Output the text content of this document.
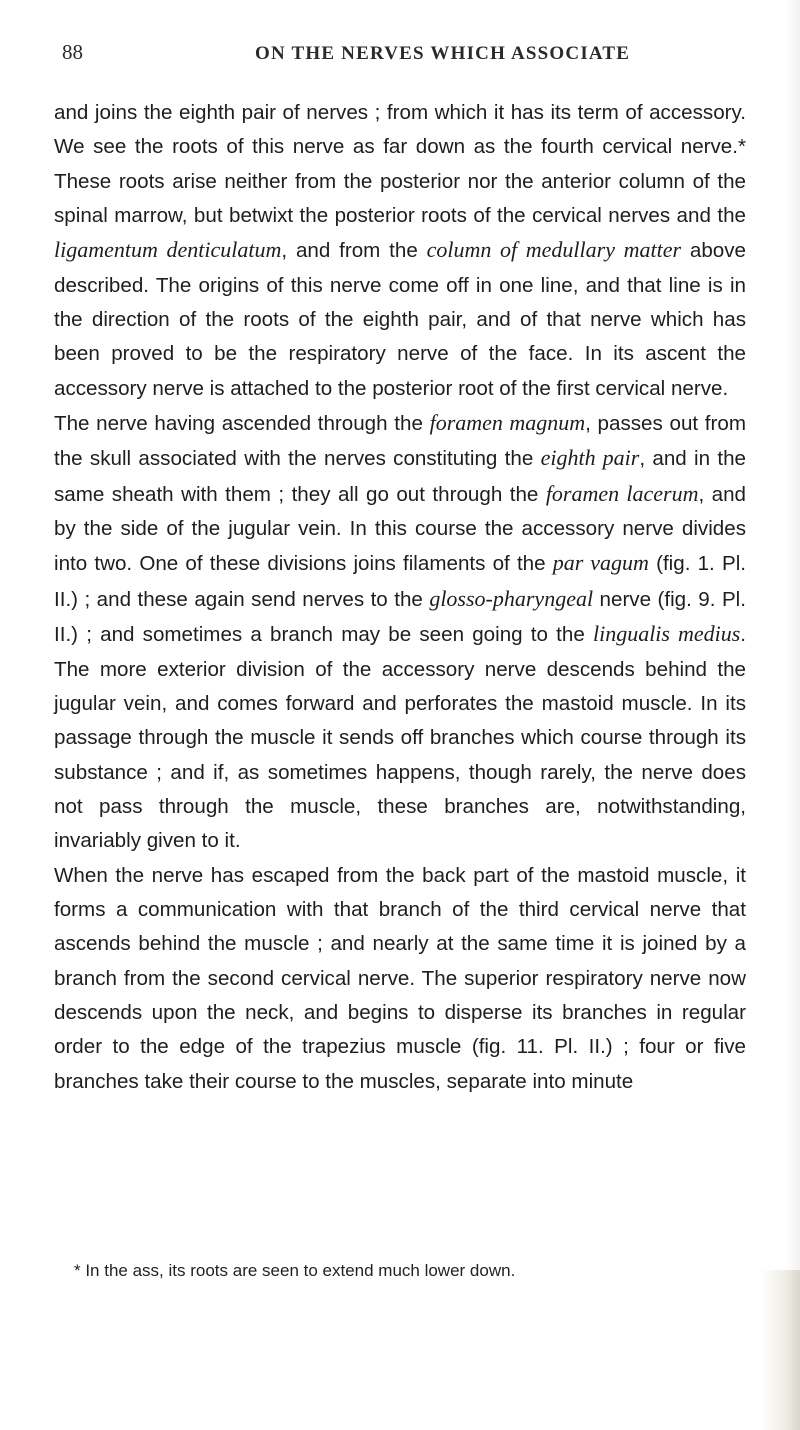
88	ON THE NERVES WHICH ASSOCIATE

and joins the eighth pair of nerves ; from which it has its term of accessory. We see the roots of this nerve as far down as the fourth cervical nerve.* These roots arise neither from the posterior nor the anterior column of the spinal marrow, but betwixt the posterior roots of the cervical nerves and the ligamentum denticulatum, and from the column of medullary matter above described. The origins of this nerve come off in one line, and that line is in the direction of the roots of the eighth pair, and of that nerve which has been proved to be the respiratory nerve of the face. In its ascent the accessory nerve is attached to the posterior root of the first cervical nerve.

The nerve having ascended through the foramen magnum, passes out from the skull associated with the nerves constituting the eighth pair, and in the same sheath with them ; they all go out through the foramen lacerum, and by the side of the jugular vein. In this course the accessory nerve divides into two. One of these divisions joins filaments of the par vagum (fig. 1. Pl. II.) ; and these again send nerves to the glosso-pharyngeal nerve (fig. 9. Pl. II.) ; and sometimes a branch may be seen going to the lingualis medius. The more exterior division of the accessory nerve descends behind the jugular vein, and comes forward and perforates the mastoid muscle. In its passage through the muscle it sends off branches which course through its substance ; and if, as sometimes happens, though rarely, the nerve does not pass through the muscle, these branches are, notwithstanding, invariably given to it.

When the nerve has escaped from the back part of the mastoid muscle, it forms a communication with that branch of the third cervical nerve that ascends behind the muscle ; and nearly at the same time it is joined by a branch from the second cervical nerve. The superior respiratory nerve now descends upon the neck, and begins to disperse its branches in regular order to the edge of the trapezius muscle (fig. 11. Pl. II.) ; four or five branches take their course to the muscles, separate into minute

* In the ass, its roots are seen to extend much lower down.
